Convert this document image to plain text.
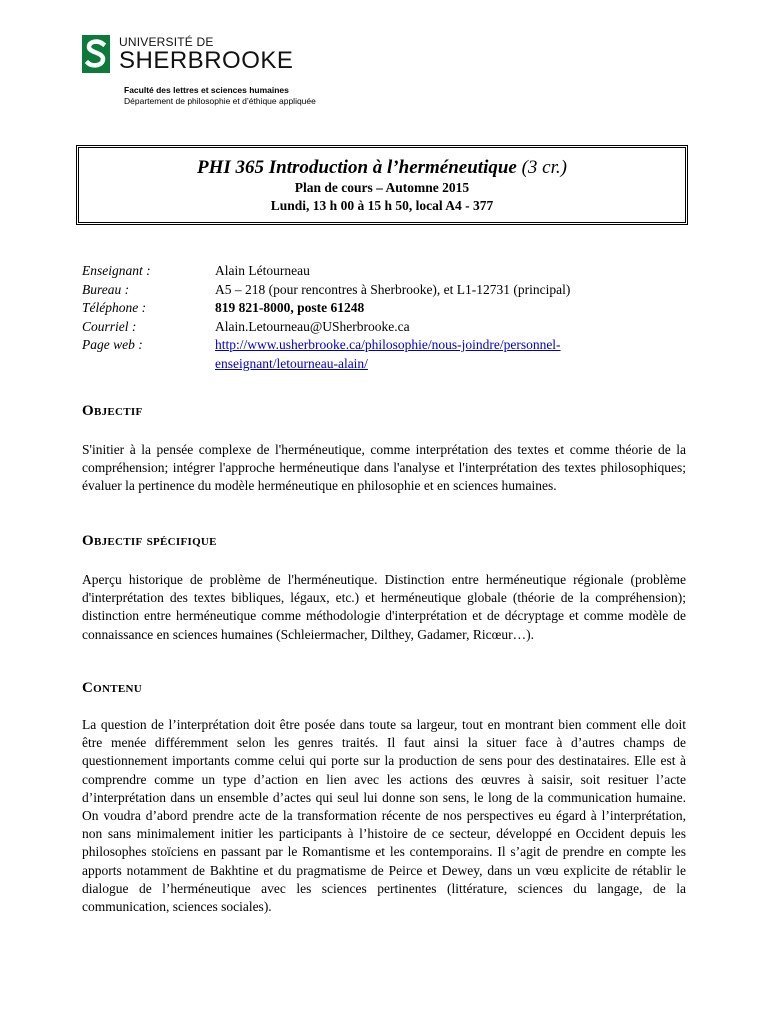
UNIVERSITÉ DE
SHERBROOKE
Faculté des lettres et sciences humaines
Département de philosophie et d’éthique appliquée
PHI 365 Introduction à l’herméneutique (3 cr.)
Plan de cours – Automne 2015
Lundi, 13 h 00 à 15 h 50, local A4 - 377
Enseignant :	Alain Létourneau
Bureau :	A5 – 218 (pour rencontres à Sherbrooke), et L1-12731 (principal)
Téléphone :	819 821-8000, poste 61248
Courriel :	Alain.Letourneau@USherbrooke.ca
Page web :	http://www.usherbrooke.ca/philosophie/nous-joindre/personnel-
enseignant/letourneau-alain/
Objectif

S'initier à la pensée complexe de l'herméneutique, comme interprétation des textes et comme théorie de la compréhension; intégrer l'approche herméneutique dans l'analyse et l'interprétation des textes philosophiques; évaluer la pertinence du modèle herméneutique en philosophie et en sciences humaines.

Objectif spécifique

Aperçu historique de problème de l'herméneutique. Distinction entre herméneutique régionale (problème d'interprétation des textes bibliques, légaux, etc.) et herméneutique globale (théorie de la compréhension); distinction entre herméneutique comme méthodologie d'interprétation et de décryptage et comme modèle de connaissance en sciences humaines (Schleiermacher, Dilthey, Gadamer, Ricœur…).

Contenu

La question de l’interprétation doit être posée dans toute sa largeur, tout en montrant bien comment elle doit être menée différemment selon les genres traités. Il faut ainsi la situer face à d’autres champs de questionnement importants comme celui qui porte sur la production de sens pour des destinataires. Elle est à comprendre comme un type d’action en lien avec les actions des œuvres à saisir, soit resituer l’acte d’interprétation dans un ensemble d’actes qui seul lui donne son sens, le long de la communication humaine. On voudra d’abord prendre acte de la transformation récente de nos perspectives eu égard à l’interprétation, non sans minimalement initier les participants à l’histoire de ce secteur, développé en Occident depuis les philosophes stoïciens en passant par le Romantisme et les contemporains. Il s’agit de prendre en compte les apports notamment de Bakhtine et du pragmatisme de Peirce et Dewey, dans un vœu explicite de rétablir le dialogue de l’herméneutique avec les sciences pertinentes (littérature, sciences du langage, de la communication, sciences sociales).
